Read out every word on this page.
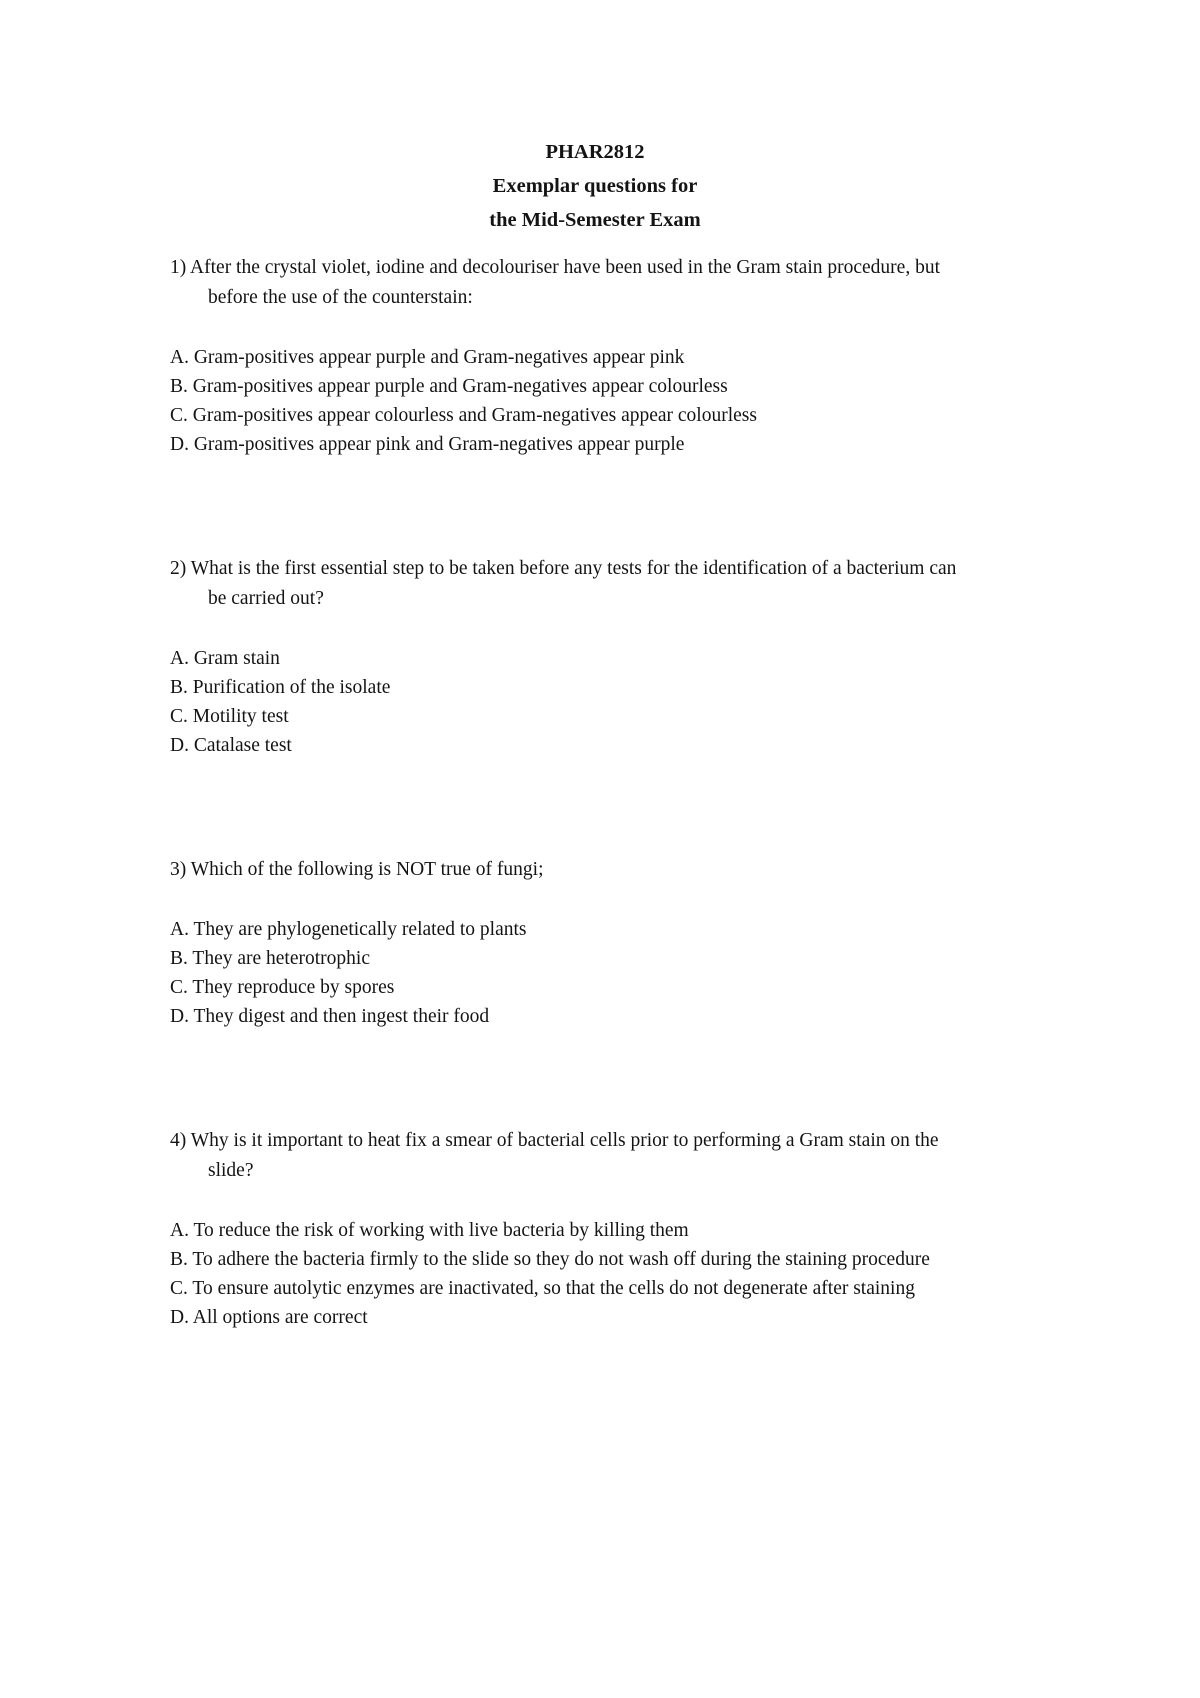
PHAR2812
Exemplar questions for
the Mid-Semester Exam

1) After the crystal violet, iodine and decolouriser have been used in the Gram stain procedure, but before the use of the counterstain:

A. Gram-positives appear purple and Gram-negatives appear pink

B. Gram-positives appear purple and Gram-negatives appear colourless

C. Gram-positives appear colourless and Gram-negatives appear colourless

D. Gram-positives appear pink and Gram-negatives appear purple

2) What is the first essential step to be taken before any tests for the identification of a bacterium can be carried out?

A. Gram stain

B. Purification of the isolate

C. Motility test

D. Catalase test

3) Which of the following is NOT true of fungi;

A. They are phylogenetically related to plants

B. They are heterotrophic

C. They reproduce by spores

D. They digest and then ingest their food

4) Why is it important to heat fix a smear of bacterial cells prior to performing a Gram stain on the slide?

A. To reduce the risk of working with live bacteria by killing them

B. To adhere the bacteria firmly to the slide so they do not wash off during the staining procedure

C. To ensure autolytic enzymes are inactivated, so that the cells do not degenerate after staining

D. All options are correct
